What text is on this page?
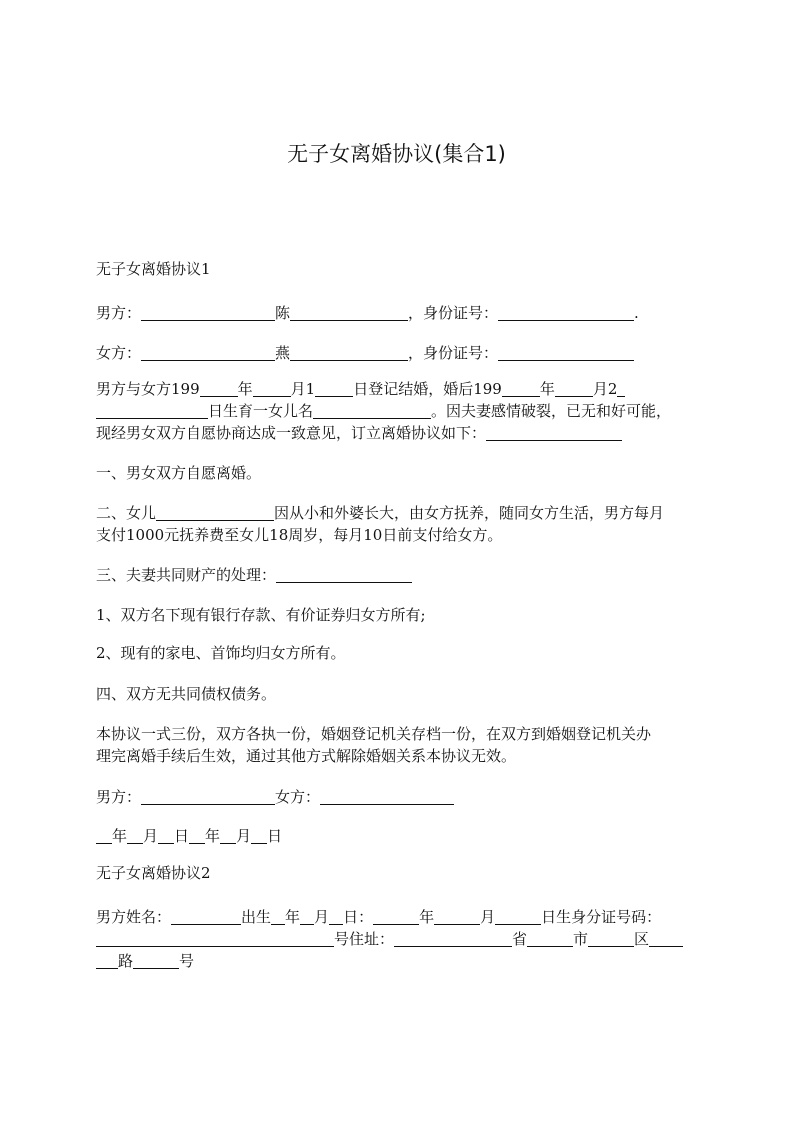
无子女离婚协议(集合1)

无子女离婚协议1

男方：	陈	，身份证号：	.

女方：	燕	，身份证号：

男方与女方199	年	月1	日登记结婚，婚后199	年	月2
日生育一女儿名	。因夫妻感情破裂，已无和好可能，
现经男女双方自愿协商达成一致意见，订立离婚协议如下：

一、男女双方自愿离婚。

二、女儿	因从小和外婆长大，由女方抚养，随同女方生活，男方每月
支付1000元抚养费至女儿18周岁，每月10日前支付给女方。

三、夫妻共同财产的处理：

1、双方名下现有银行存款、有价证券归女方所有;

2、现有的家电、首饰均归女方所有。

四、双方无共同债权债务。

本协议一式三份，双方各执一份，婚姻登记机关存档一份，在双方到婚姻登记机关办
理完离婚手续后生效，通过其他方式解除婚姻关系本协议无效。

男方：	女方：

年 月 日 年 月 日

无子女离婚协议2

男方姓名：	出生 年 月 日：	年	月	日生身分证号码：
号住址：	省	市	区
路	号
